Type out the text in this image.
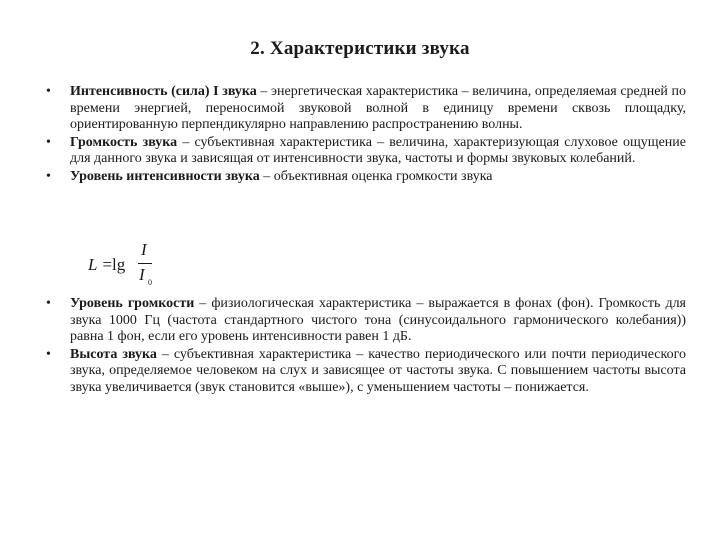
2. Характеристики звука
• Интенсивность (сила) I звука – энергетическая характеристика – величина, определяемая средней по времени энергией, переносимой звуковой волной в единицу времени сквозь площадку, ориентированную перпендикулярно направлению распространению волны.
• Громкость звука – субъективная характеристика – величина, характеризующая слуховое ощущение для данного звука и зависящая от интенсивности звука, частоты и формы звуковых колебаний.
• Уровень интенсивности звука – объективная оценка громкости звука
L = lg
I
I 0
• Уровень громкости – физиологическая характеристика – выражается в фонах (фон). Громкость для звука 1000 Гц (частота стандартного чистого тона (синусоидального гармонического колебания)) равна 1 фон, если его уровень интенсивности равен 1 дБ.
• Высота звука – субъективная характеристика – качество периодического или почти периодического звука, определяемое человеком на слух и зависящее от частоты звука. С повышением частоты высота звука увеличивается (звук становится «выше»), с уменьшением частоты – понижается.
